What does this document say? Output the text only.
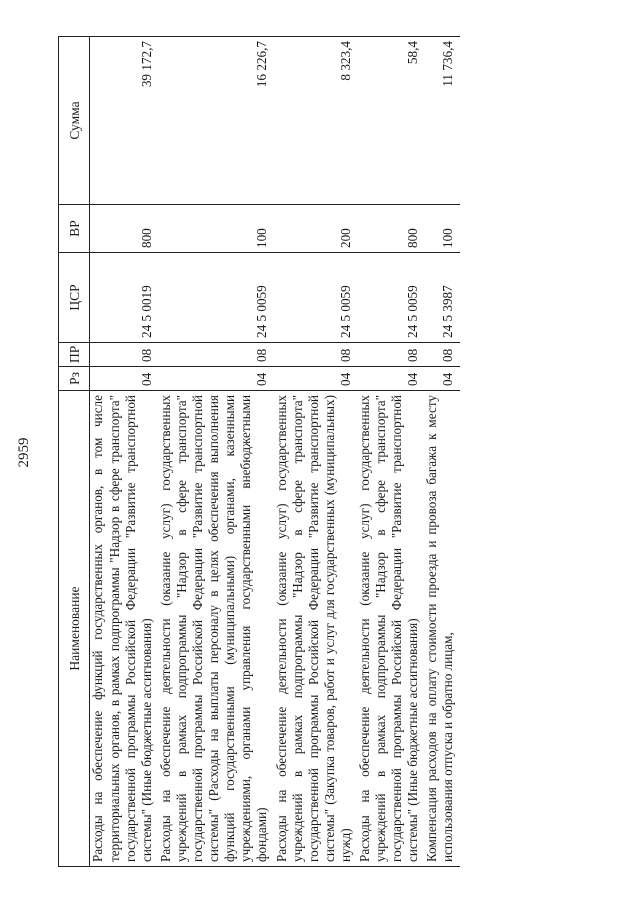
2959
Наименование	Рз	ПР	ЦСР	ВР	Сумма
Расходы на обеспечение функций государственных органов, в том числе территориальных органов, в рамках подпрограммы "Надзор в сфере транспорта" государственной программы Российской Федерации "Развитие транспортной системы" (Иные бюджетные ассигнования)	04	08	24 5 0019	800	39 172,7
Расходы на обеспечение деятельности (оказание услуг) государственных учреждений в рамках подпрограммы "Надзор в сфере транспорта" государственной программы Российской Федерации "Развитие транспортной системы" (Расходы на выплаты персоналу в целях обеспечения выполнения функций государственными (муниципальными) органами, казенными учреждениями, органами управления государственными внебюджетными фондами)	04	08	24 5 0059	100	16 226,7
Расходы на обеспечение деятельности (оказание услуг) государственных учреждений в рамках подпрограммы "Надзор в сфере транспорта" государственной программы Российской Федерации "Развитие транспортной системы" (Закупка товаров, работ и услуг для государственных (муниципальных) нужд)	04	08	24 5 0059	200	8 323,4
Расходы на обеспечение деятельности (оказание услуг) государственных учреждений в рамках подпрограммы "Надзор в сфере транспорта" государственной программы Российской Федерации "Развитие транспортной системы" (Иные бюджетные ассигнования)	04	08	24 5 0059	800	58,4
Компенсация расходов на оплату стоимости проезда и провоза багажа к месту использования отпуска и обратно лицам,	04	08	24 5 3987	100	11 736,4
